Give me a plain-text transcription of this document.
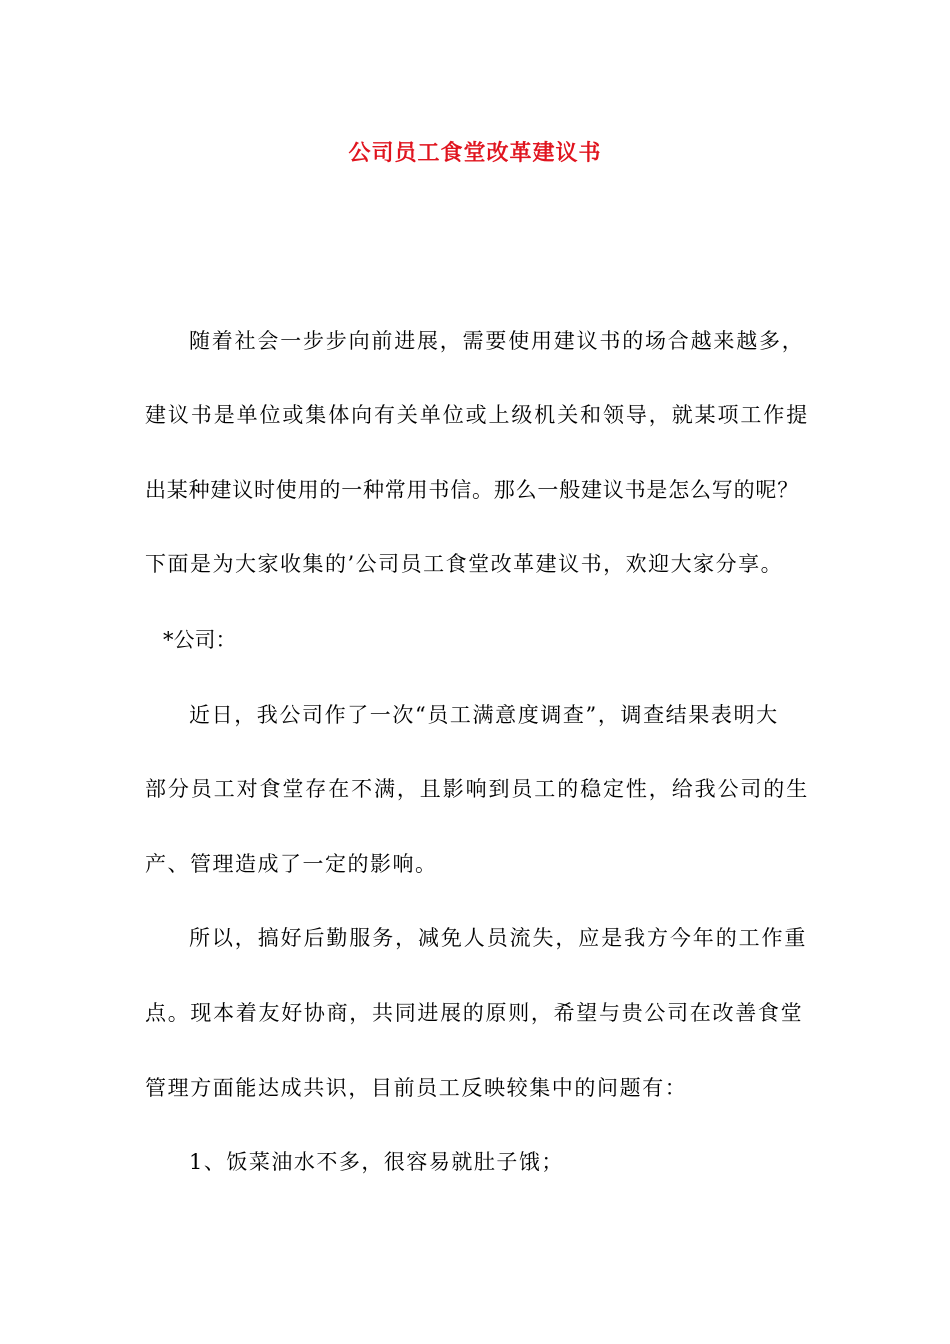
公司员工食堂改革建议书
随着社会一步步向前进展，需要使用建议书的场合越来越多，
建议书是单位或集体向有关单位或上级机关和领导，就某项工作提
出某种建议时使用的一种常用书信。那么一般建议书是怎么写的呢？
下面是为大家收集的’公司员工食堂改革建议书，欢迎大家分享。
*公司：
近日，我公司作了一次“员工满意度调查”，调查结果表明大
部分员工对食堂存在不满，且影响到员工的稳定性，给我公司的生
产、管理造成了一定的影响。
所以，搞好后勤服务，减免人员流失，应是我方今年的工作重
点。现本着友好协商，共同进展的原则，希望与贵公司在改善食堂
管理方面能达成共识，目前员工反映较集中的问题有：
1、饭菜油水不多，很容易就肚子饿；
